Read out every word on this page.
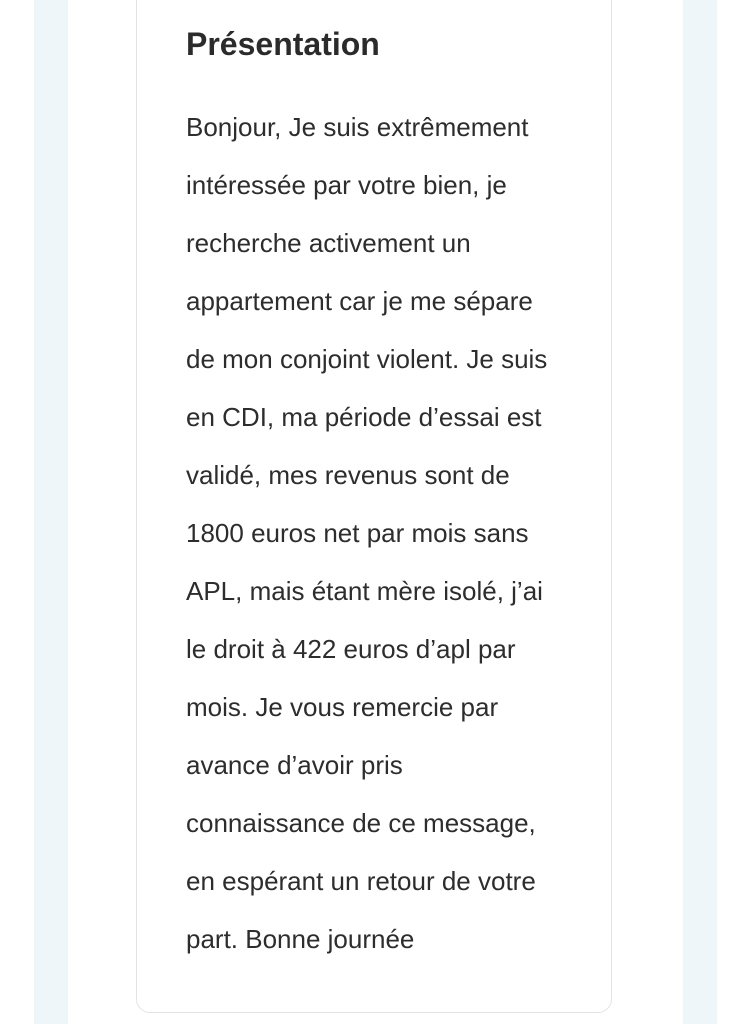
Présentation
Bonjour, Je suis extrêmement
intéressée par votre bien, je
recherche activement un
appartement car je me sépare
de mon conjoint violent. Je suis
en CDI, ma période d’essai est
validé, mes revenus sont de
1800 euros net par mois sans
APL, mais étant mère isolé, j’ai
le droit à 422 euros d’apl par
mois. Je vous remercie par
avance d’avoir pris
connaissance de ce message,
en espérant un retour de votre
part. Bonne journée
